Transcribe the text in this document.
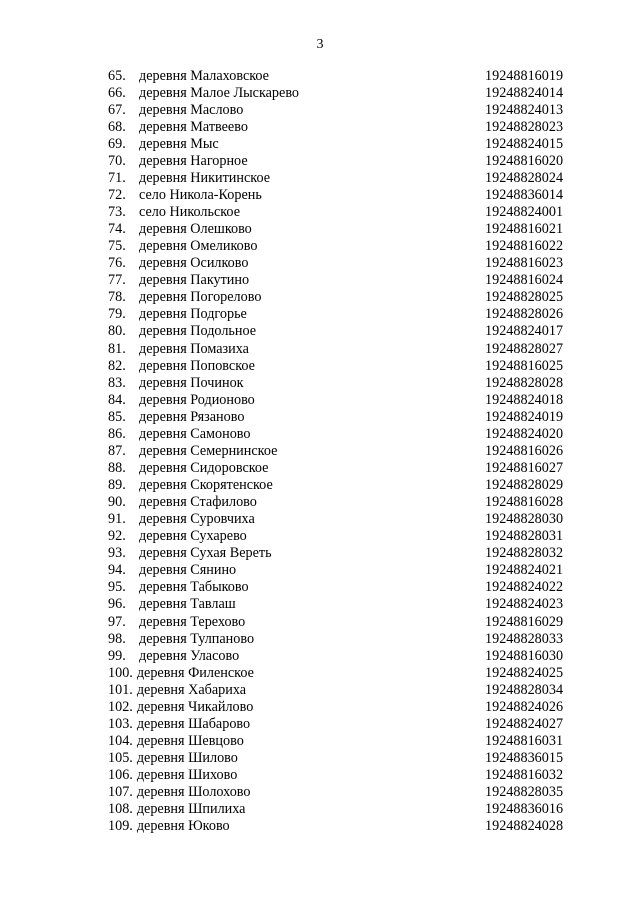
3
65. деревня Малаховское	19248816019
66. деревня Малое Лыскарево	19248824014
67. деревня Маслово	19248824013
68. деревня Матвеево	19248828023
69. деревня Мыс	19248824015
70. деревня Нагорное	19248816020
71. деревня Никитинское	19248828024
72. село Никола-Корень	19248836014
73. село Никольское	19248824001
74. деревня Олешково	19248816021
75. деревня Омеликово	19248816022
76. деревня Осилково	19248816023
77. деревня Пакутино	19248816024
78. деревня Погорелово	19248828025
79. деревня Подгорье	19248828026
80. деревня Подольное	19248824017
81. деревня Помазиха	19248828027
82. деревня Поповское	19248816025
83. деревня Починок	19248828028
84. деревня Родионово	19248824018
85. деревня Рязаново	19248824019
86. деревня Самоново	19248824020
87. деревня Семернинское	19248816026
88. деревня Сидоровское	19248816027
89. деревня Скорятенское	19248828029
90. деревня Стафилово	19248816028
91. деревня Суровчиха	19248828030
92. деревня Сухарево	19248828031
93. деревня Сухая Вереть	19248828032
94. деревня Сянино	19248824021
95. деревня Табыково	19248824022
96. деревня Тавлаш	19248824023
97. деревня Терехово	19248816029
98. деревня Тулпаново	19248828033
99. деревня Уласово	19248816030
100. деревня Филенское	19248824025
101. деревня Хабариха	19248828034
102. деревня Чикайлово	19248824026
103. деревня Шабарово	19248824027
104. деревня Шевцово	19248816031
105. деревня Шилово	19248836015
106. деревня Шихово	19248816032
107. деревня Шолохово	19248828035
108. деревня Шпилиха	19248836016
109. деревня Юково	19248824028
